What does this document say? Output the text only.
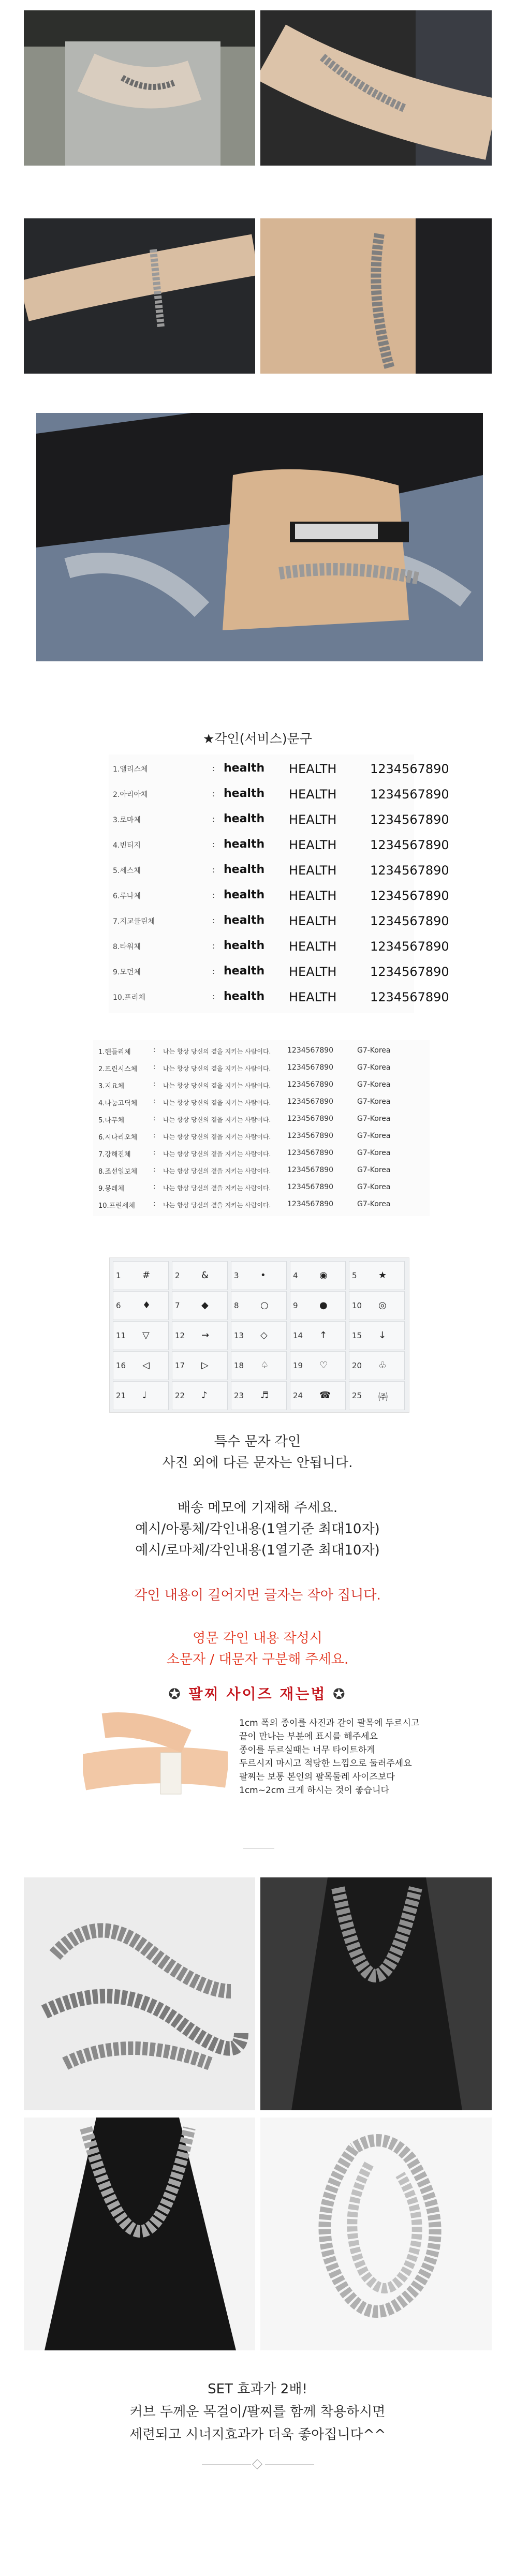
★각인(서비스)문구
1.앨리스체	: health HEALTH	1234567890
2.아리아체	: health HEALTH	1234567890
3.로마체	: health HEALTH	1234567890
4.빈티지	: health HEALTH	1234567890
5.세스체	: health HEALTH	1234567890
6.루나체	: health HEALTH	1234567890
7.지교클린체	: health HEALTH	1234567890
8.타워체	: health HEALTH	1234567890
9.모던체	: health HEALTH	1234567890
10.프리체	: health HEALTH	1234567890
1.헨들리체	: 나는 항상 당신의 곁을 지키는 사람이다. 1234567890	G7-Korea
2.프린시스체 : 나는 항상 당신의 곁을 지키는 사람이다. 1234567890	G7-Korea
3.지요체	: 나는 항상 당신의 곁을 지키는 사람이다. 1234567890	G7-Korea
4.나눔고딕체 : 나는 항상 당신의 곁을 지키는 사람이다. 1234567890	G7-Korea
5.나무체	: 나는 항상 당신의 곁을 지키는 사람이다. 1234567890	G7-Korea
6.시나리오체 : 나는 항상 당신의 곁을 지키는 사람이다. 1234567890	G7-Korea
7.강해진체	: 나는 항상 당신의 곁을 지키는 사람이다. 1234567890	G7-Korea
8.조선일보체 : 나는 항상 당신의 곁을 지키는 사람이다. 1234567890	G7-Korea
9.몽레체	: 나는 항상 당신의 곁을 지키는 사람이다. 1234567890	G7-Korea
10.프린세체	: 나는 항상 당신의 곁을 지키는 사람이다. 1234567890	G7-Korea
1 #	2 &	3 •	4 ◉	5 ★
6 ♦	7 ◆	8 ○	9 ●	10 ◎
11 ▽	12 →	13 ◇	14 ↑	15 ↓
16 ◁	17 ▷	18 ♤	19 ♡	20 ♧
21 ♩	22 ♪	23 ♬	24 ☎	25 ㈜
특수 문자 각인
사진 외에 다른 문자는 안됩니다.
배송 메모에 기재해 주세요.
예시/아롱체/각인내용(1열기준 최대10자)
예시/로마체/각인내용(1열기준 최대10자)
각인 내용이 길어지면 글자는 작아 집니다.
영문 각인 내용 작성시
소문자 / 대문자 구분해 주세요.
✪ 팔찌 사이즈 재는법 ✪
1cm 폭의 종이를 사진과 같이 팔목에 두르시고
끝이 만나는 부분에 표시를 해주세요
종이를 두르실때는 너무 타이트하게
두르시지 마시고 적당한 느낌으로 둘러주세요
팔찌는 보통 본인의 팔목둘레 사이즈보다
1cm~2cm 크게 하시는 것이 좋습니다
SET 효과가 2배!
커브 두께운 목걸이/팔찌를 함께 착용하시면
세련되고 시너지효과가 더욱 좋아집니다^^
